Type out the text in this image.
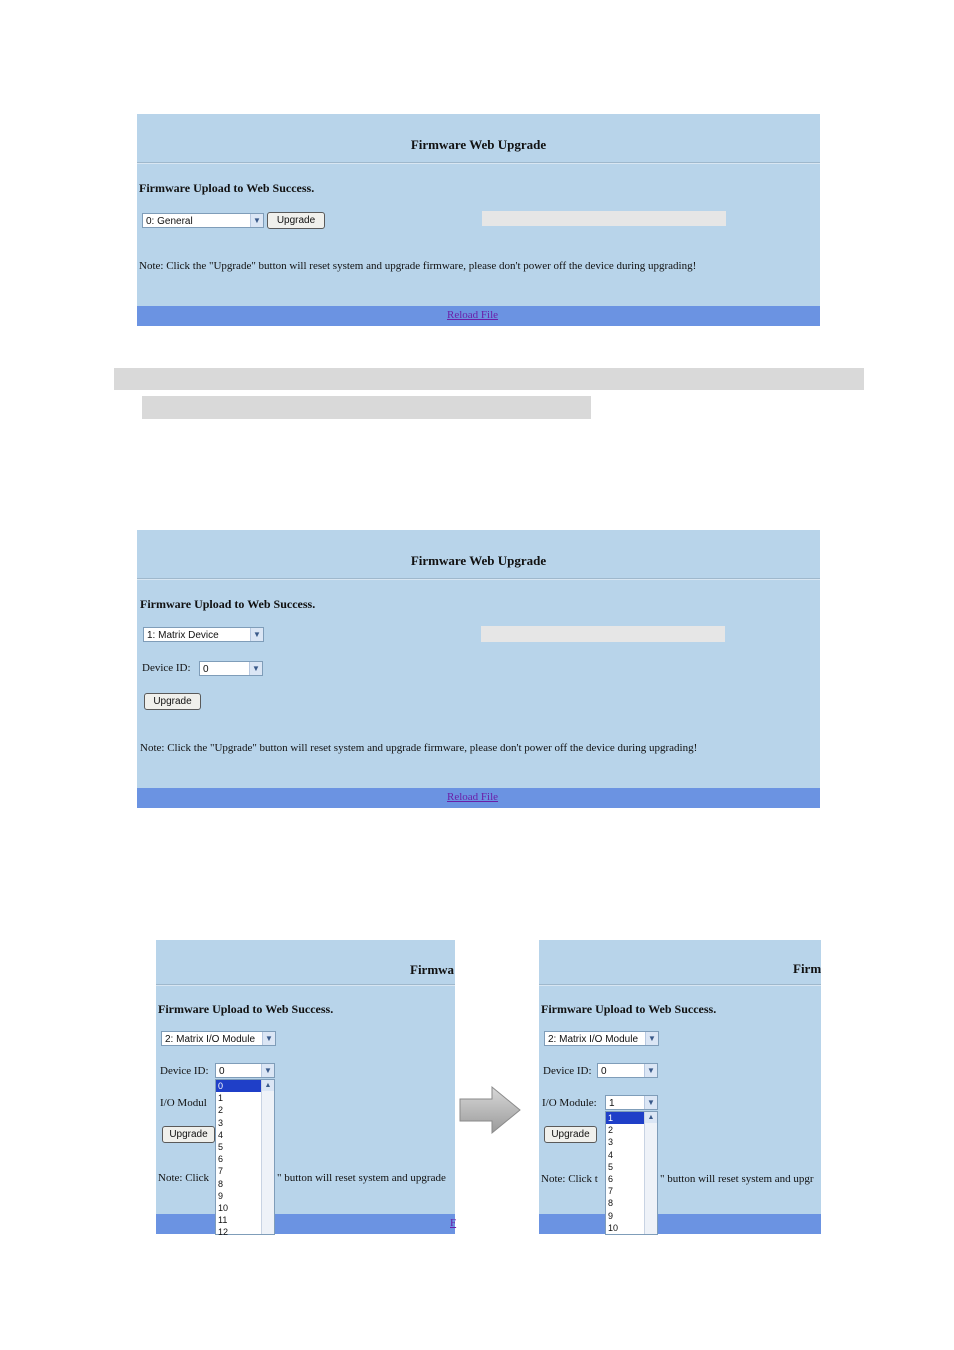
Firmware Web Upgrade
Firmware Upload to Web Success.
0: General	▼	Upgrade
Note: Click the "Upgrade" button will reset system and upgrade firmware, please don't power off the device during upgrading!
Reload File
Firmware Web Upgrade
Firmware Upload to Web Success.
1: Matrix Device	▼
Device ID:	0	▼
Upgrade
Note: Click the "Upgrade" button will reset system and upgrade firmware, please don't power off the device during upgrading!
Reload File
Firmwa
Firmware Upload to Web Success.
2: Matrix I/O Module	▼
Device ID:	0	▼
I/O Modul
Upgrade
Note: Click	" button will reset system and upgrade
F
0
1
2
3
4
5
6
7
8
9
10
11
12
▲
Firm
Firmware Upload to Web Success.
2: Matrix I/O Module	▼
Device ID: 0	▼
I/O Module:	1	▼
Upgrade
Note: Click t	" button will reset system and upgr
1
2
3
4
5
6
7
8
9
10
▲
